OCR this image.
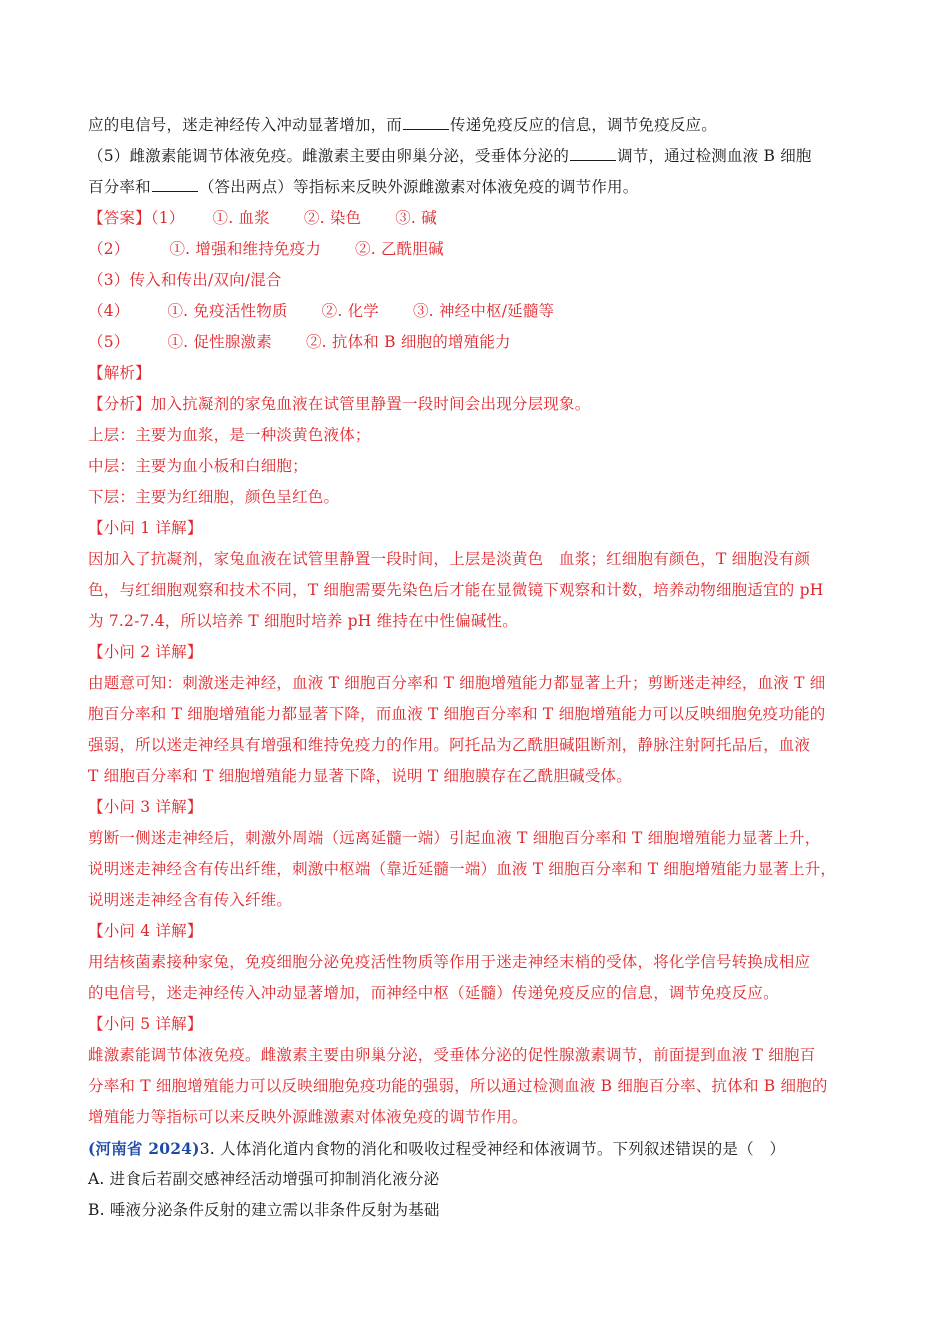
应的电信号，迷走神经传入冲动显著增加，而	传递免疫反应的信息，调节免疫反应。
（5）雌激素能调节体液免疫。雌激素主要由卵巢分泌，受垂体分泌的	调节，通过检测血液 B 细胞
百分率和	（答出两点）等指标来反映外源雌激素对体液免疫的调节作用。
【答案】（1） ①. 血浆 ②. 染色 ③. 碱
（2）	①. 增强和维持免疫力 ②. 乙酰胆碱
（3）传入和传出/双向/混合
（4） ①. 免疫活性物质 ②. 化学 ③. 神经中枢/延髓等
（5） ①. 促性腺激素 ②. 抗体和 B 细胞的增殖能力
【解析】
【分析】加入抗凝剂的家兔血液在试管里静置一段时间会出现分层现象。
上层：主要为血浆，是一种淡黄色液体；
中层：主要为血小板和白细胞；
下层：主要为红细胞，颜色呈红色。
【小问 1 详解】
因加入了抗凝剂，家兔血液在试管里静置一段时间，上层是淡黄色　血浆；红细胞有颜色，T 细胞没有颜
色，与红细胞观察和技术不同，T 细胞需要先染色后才能在显微镜下观察和计数，培养动物细胞适宜的 pH
为 7.2-7.4，所以培养 T 细胞时培养 pH 维持在中性偏碱性。
【小问 2 详解】
由题意可知：刺激迷走神经，血液 T 细胞百分率和 T 细胞增殖能力都显著上升；剪断迷走神经，血液 T 细
胞百分率和 T 细胞增殖能力都显著下降，而血液 T 细胞百分率和 T 细胞增殖能力可以反映细胞免疫功能的
强弱，所以迷走神经具有增强和维持免疫力的作用。阿托品为乙酰胆碱阻断剂，静脉注射阿托品后，血液
T 细胞百分率和 T 细胞增殖能力显著下降，说明 T 细胞膜存在乙酰胆碱受体。
【小问 3 详解】
剪断一侧迷走神经后，刺激外周端（远离延髓一端）引起血液 T 细胞百分率和 T 细胞增殖能力显著上升，
说明迷走神经含有传出纤维，刺激中枢端（靠近延髓一端）血液 T 细胞百分率和 T 细胞增殖能力显著上升，
说明迷走神经含有传入纤维。
【小问 4 详解】
用结核菌素接种家兔，免疫细胞分泌免疫活性物质等作用于迷走神经末梢的受体，将化学信号转换成相应
的电信号，迷走神经传入冲动显著增加，而神经中枢（延髓）传递免疫反应的信息，调节免疫反应。
【小问 5 详解】
雌激素能调节体液免疫。雌激素主要由卵巢分泌，受垂体分泌的促性腺激素调节，前面提到血液 T 细胞百
分率和 T 细胞增殖能力可以反映细胞免疫功能的强弱，所以通过检测血液 B 细胞百分率、抗体和 B 细胞的
增殖能力等指标可以来反映外源雌激素对体液免疫的调节作用。
(河南省 2024)3. 人体消化道内食物的消化和吸收过程受神经和体液调节。下列叙述错误的是（　）
A. 进食后若副交感神经活动增强可抑制消化液分泌
B. 唾液分泌条件反射的建立需以非条件反射为基础
